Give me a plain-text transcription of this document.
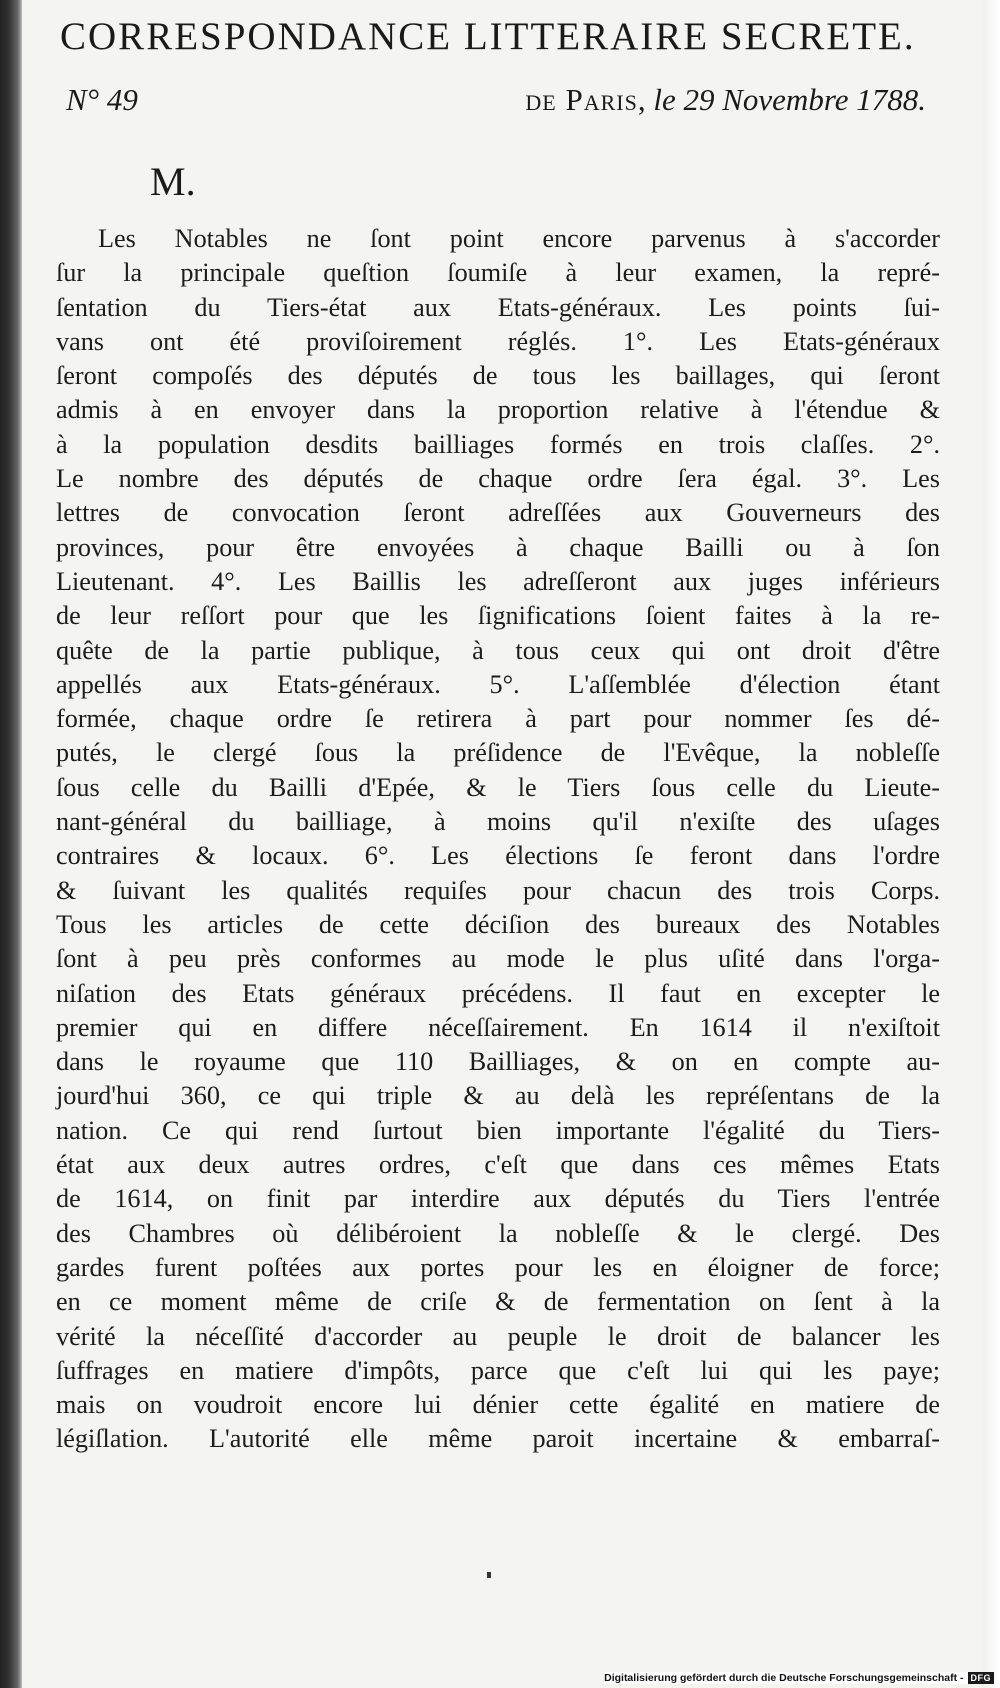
CORRESPONDANCE LITTERAIRE SECRETE.
N° 49	de Paris, le 29 Novembre 1788.
M.
Les Notables ne ſont point encore parvenus à s'accorder
ſur la principale queſtion ſoumiſe à leur examen, la repré-
ſentation du Tiers-état aux Etats-généraux. Les points ſui-
vans ont été proviſoirement réglés. 1°. Les Etats-généraux
ſeront compoſés des députés de tous les baillages, qui ſeront
admis à en envoyer dans la proportion relative à l'étendue &
à la population desdits bailliages formés en trois claſſes. 2°.
Le nombre des députés de chaque ordre ſera égal. 3°. Les
lettres de convocation ſeront adreſſées aux Gouverneurs des
provinces, pour être envoyées à chaque Bailli ou à ſon
Lieutenant. 4°. Les Baillis les adreſſeront aux juges inférieurs
de leur reſſort pour que les ſignifications ſoient faites à la re-
quête de la partie publique, à tous ceux qui ont droit d'être
appellés aux Etats-généraux. 5°. L'aſſemblée d'élection étant
formée, chaque ordre ſe retirera à part pour nommer ſes dé-
putés, le clergé ſous la préſidence de l'Evêque, la nobleſſe
ſous celle du Bailli d'Epée, & le Tiers ſous celle du Lieute-
nant-général du bailliage, à moins qu'il n'exiſte des uſages
contraires & locaux. 6°. Les élections ſe feront dans l'ordre
& ſuivant les qualités requiſes pour chacun des trois Corps.
Tous les articles de cette déciſion des bureaux des Notables
ſont à peu près conformes au mode le plus uſité dans l'orga-
niſation des Etats généraux précédens. Il faut en excepter le
premier qui en differe néceſſairement. En 1614 il n'exiſtoit
dans le royaume que 110 Bailliages, & on en compte au-
jourd'hui 360, ce qui triple & au delà les repréſentans de la
nation. Ce qui rend ſurtout bien importante l'égalité du Tiers-
état aux deux autres ordres, c'eſt que dans ces mêmes Etats
de 1614, on finit par interdire aux députés du Tiers l'entrée
des Chambres où délibéroient la nobleſſe & le clergé. Des
gardes furent poſtées aux portes pour les en éloigner de force;
en ce moment même de criſe & de fermentation on ſent à la
vérité la néceſſité d'accorder au peuple le droit de balancer les
ſuffrages en matiere d'impôts, parce que c'eſt lui qui les paye;
mais on voudroit encore lui dénier cette égalité en matiere de
légiſlation. L'autorité elle même paroit incertaine & embarraſ-
Digitalisierung gefördert durch die Deutsche Forschungsgemeinschaft - DFG
